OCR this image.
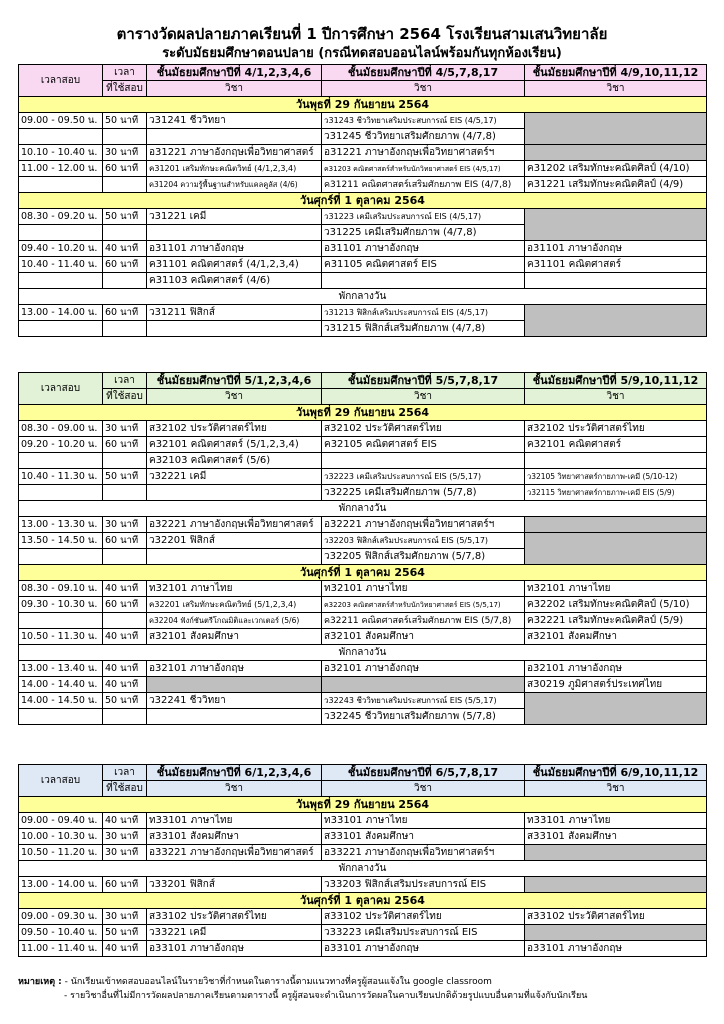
ตารางวัดผลปลายภาคเรียนที่ 1 ปีการศึกษา 2564 โรงเรียนสามเสนวิทยาลัย
ระดับมัธยมศึกษาตอนปลาย (กรณีทดสอบออนไลน์พร้อมกันทุกห้องเรียน)
เวลาสอบ	เวลา	ชั้นมัธยมศึกษาปีที่ 4/1,2,3,4,6	ชั้นมัธยมศึกษาปีที่ 4/5,7,8,17	ชั้นมัธยมศึกษาปีที่ 4/9,10,11,12
	ที่ใช้สอบ	วิชา	วิชา	วิชา
วันพุธที่ 29 กันยายน 2564				
09.00 - 09.50 น.	50 นาที	ว31241 ชีววิทยา	ว31243 ชีววิทยาเสริมประสบการณ์ EIS (4/5,17)	
			ว31245 ชีววิทยาเสริมศักยภาพ (4/7,8)	
10.10 - 10.40 น.	30 นาที	อ31221 ภาษาอังกฤษเพื่อวิทยาศาสตร์	อ31221 ภาษาอังกฤษเพื่อวิทยาศาสตร์ฯ	
11.00 - 12.00 น.	60 นาที	ค31201 เสริมทักษะคณิตวิทย์ (4/1,2,3,4)	ค31203 คณิตศาสตร์สำหรับนักวิทยาศาสตร์ EIS (4/5,17)	ค31202 เสริมทักษะคณิตศิลป์ (4/10)
		ค31204 ความรู้พื้นฐานสำหรับแคลคูลัส (4/6)	ค31211 คณิตศาสตร์เสริมศักยภาพ EIS (4/7,8)	ค31221 เสริมทักษะคณิตศิลป์ (4/9)
วันศุกร์ที่ 1 ตุลาคม 2564				
08.30 - 09.20 น.	50 นาที	ว31221 เคมี	ว31223 เคมีเสริมประสบการณ์ EIS (4/5,17)	
			ว31225 เคมีเสริมศักยภาพ (4/7,8)	
09.40 - 10.20 น.	40 นาที	อ31101 ภาษาอังกฤษ	อ31101 ภาษาอังกฤษ	อ31101 ภาษาอังกฤษ
10.40 - 11.40 น.	60 นาที	ค31101 คณิตศาสตร์ (4/1,2,3,4)	ค31105 คณิตศาสตร์ EIS	ค31101 คณิตศาสตร์
		ค31103 คณิตศาสตร์ (4/6)		
พักกลางวัน				
13.00 - 14.00 น.	60 นาที	ว31211 ฟิสิกส์	ว31213 ฟิสิกส์เสริมประสบการณ์ EIS (4/5,17)	
			ว31215 ฟิสิกส์เสริมศักยภาพ (4/7,8)	
เวลาสอบ	เวลา	ชั้นมัธยมศึกษาปีที่ 5/1,2,3,4,6	ชั้นมัธยมศึกษาปีที่ 5/5,7,8,17	ชั้นมัธยมศึกษาปีที่ 5/9,10,11,12
	ที่ใช้สอบ	วิชา	วิชา	วิชา
วันพุธที่ 29 กันยายน 2564				
08.30 - 09.00 น.	30 นาที	ส32102 ประวัติศาสตร์ไทย	ส32102 ประวัติศาสตร์ไทย	ส32102 ประวัติศาสตร์ไทย
09.20 - 10.20 น.	60 นาที	ค32101 คณิตศาสตร์ (5/1,2,3,4)	ค32105 คณิตศาสตร์ EIS	ค32101 คณิตศาสตร์
		ค32103 คณิตศาสตร์ (5/6)		
10.40 - 11.30 น.	50 นาที	ว32221 เคมี	ว32223 เคมีเสริมประสบการณ์ EIS (5/5,17)	ว32105 วิทยาศาสตร์กายภาพ-เคมี (5/10-12)
			ว32225 เคมีเสริมศักยภาพ (5/7,8)	ว32115 วิทยาศาสตร์กายภาพ-เคมี EIS (5/9)
พักกลางวัน				
13.00 - 13.30 น.	30 นาที	อ32221 ภาษาอังกฤษเพื่อวิทยาศาสตร์	อ32221 ภาษาอังกฤษเพื่อวิทยาศาสตร์ฯ	
13.50 - 14.50 น.	60 นาที	ว32201 ฟิสิกส์	ว32203 ฟิสิกส์เสริมประสบการณ์ EIS (5/5,17)	
			ว32205 ฟิสิกส์เสริมศักยภาพ (5/7,8)	
วันศุกร์ที่ 1 ตุลาคม 2564				
08.30 - 09.10 น.	40 นาที	ท32101 ภาษาไทย	ท32101 ภาษาไทย	ท32101 ภาษาไทย
09.30 - 10.30 น.	60 นาที	ค32201 เสริมทักษะคณิตวิทย์ (5/1,2,3,4)	ค32203 คณิตศาสตร์สำหรับนักวิทยาศาสตร์ EIS (5/5,17)	ค32202 เสริมทักษะคณิตศิลป์ (5/10)
		ค32204 ฟังก์ชันตรีโกณมิติและเวกเตอร์ (5/6)	ค32211 คณิตศาสตร์เสริมศักยภาพ EIS (5/7,8)	ค32221 เสริมทักษะคณิตศิลป์ (5/9)
10.50 - 11.30 น.	40 นาที	ส32101 สังคมศึกษา	ส32101 สังคมศึกษา	ส32101 สังคมศึกษา
พักกลางวัน				
13.00 - 13.40 น.	40 นาที	อ32101 ภาษาอังกฤษ	อ32101 ภาษาอังกฤษ	อ32101 ภาษาอังกฤษ
14.00 - 14.40 น.	40 นาที			ส30219 ภูมิศาสตร์ประเทศไทย
14.00 - 14.50 น.	50 นาที	ว32241 ชีววิทยา	ว32243 ชีววิทยาเสริมประสบการณ์ EIS (5/5,17)	
			ว32245 ชีววิทยาเสริมศักยภาพ (5/7,8)	
เวลาสอบ	เวลา	ชั้นมัธยมศึกษาปีที่ 6/1,2,3,4,6	ชั้นมัธยมศึกษาปีที่ 6/5,7,8,17	ชั้นมัธยมศึกษาปีที่ 6/9,10,11,12
	ที่ใช้สอบ	วิชา	วิชา	วิชา
วันพุธที่ 29 กันยายน 2564				
09.00 - 09.40 น.	40 นาที	ท33101 ภาษาไทย	ท33101 ภาษาไทย	ท33101 ภาษาไทย
10.00 - 10.30 น.	30 นาที	ส33101 สังคมศึกษา	ส33101 สังคมศึกษา	ส33101 สังคมศึกษา
10.50 - 11.20 น.	30 นาที	อ33221 ภาษาอังกฤษเพื่อวิทยาศาสตร์	อ33221 ภาษาอังกฤษเพื่อวิทยาศาสตร์ฯ	
พักกลางวัน				
13.00 - 14.00 น.	60 นาที	ว33201 ฟิสิกส์	ว33203 ฟิสิกส์เสริมประสบการณ์ EIS	
วันศุกร์ที่ 1 ตุลาคม 2564				
09.00 - 09.30 น.	30 นาที	ส33102 ประวัติศาสตร์ไทย	ส33102 ประวัติศาสตร์ไทย	ส33102 ประวัติศาสตร์ไทย
09.50 - 10.40 น.	50 นาที	ว33221 เคมี	ว33223 เคมีเสริมประสบการณ์ EIS	
11.00 - 11.40 น.	40 นาที	อ33101 ภาษาอังกฤษ	อ33101 ภาษาอังกฤษ	อ33101 ภาษาอังกฤษ
หมายเหตุ : - นักเรียนเข้าทดสอบออนไลน์ในรายวิชาที่กำหนดในตารางนี้ตามแนวทางที่ครูผู้สอนแจ้งใน google classroom
- รายวิชาอื่นที่ไม่มีการวัดผลปลายภาคเรียนตามตารางนี้ ครูผู้สอนจะดำเนินการวัดผลในคาบเรียนปกติด้วยรูปแบบอื่นตามที่แจ้งกับนักเรียน
